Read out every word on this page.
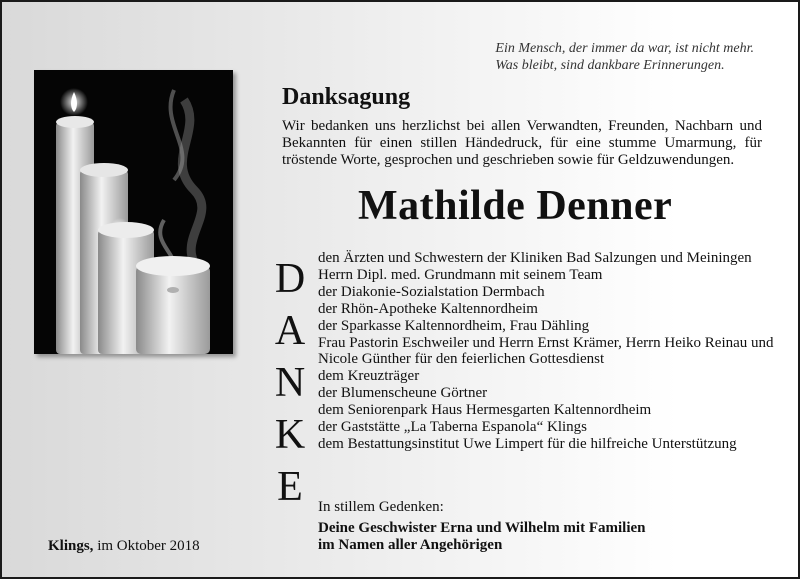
Ein Mensch, der immer da war, ist nicht mehr.
Was bleibt, sind dankbare Erinnerungen.
Danksagung
Wir bedanken uns herzlichst bei allen Verwandten, Freunden, Nachbarn und Bekannten für einen stillen Händedruck, für eine stumme Umarmung, für tröstende Worte, gesprochen und geschrieben sowie für Geldzuwendungen.
Mathilde Denner
D
A
N
K
E
den Ärzten und Schwestern der Kliniken Bad Salzungen und Meiningen
Herrn Dipl. med. Grundmann mit seinem Team
der Diakonie-Sozialstation Dermbach
der Rhön-Apotheke Kaltennordheim
der Sparkasse Kaltennordheim, Frau Dähling
Frau Pastorin Eschweiler und Herrn Ernst Krämer, Herrn Heiko Reinau und Nicole Günther für den feierlichen Gottesdienst
dem Kreuzträger
der Blumenscheune Görtner
dem Seniorenpark Haus Hermesgarten Kaltennordheim
der Gaststätte „La Taberna Espanola“ Klings
dem Bestattungsinstitut Uwe Limpert für die hilfreiche Unterstützung
In stillem Gedenken:
Deine Geschwister Erna und Wilhelm mit Familien
im Namen aller Angehörigen
Klings, im Oktober 2018
